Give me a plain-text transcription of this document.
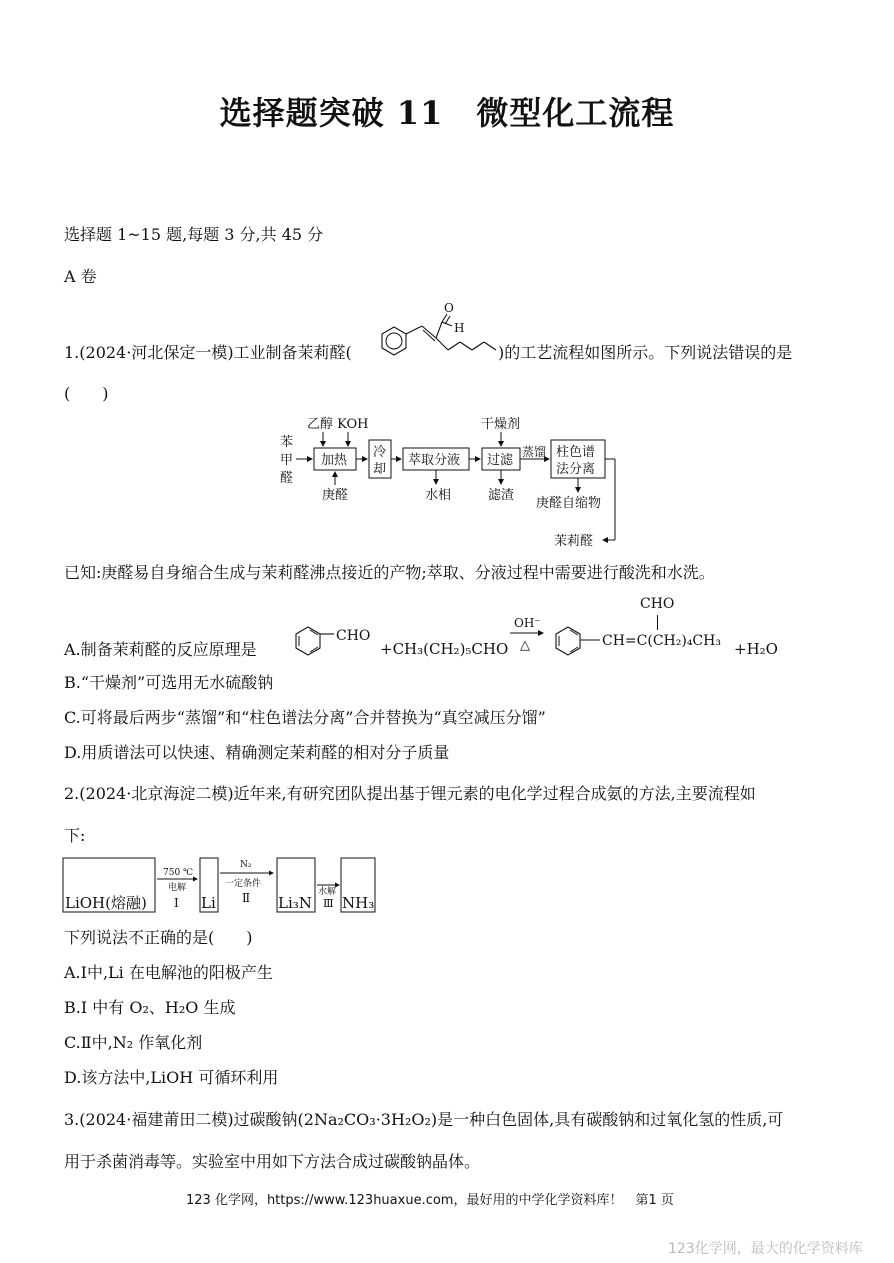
选择题突破 11　微型化工流程
选择题 1~15 题,每题 3 分,共 45 分
A 卷
1.(2024·河北保定一模)工业制备茉莉醛(
O
H
)的工艺流程如图所示。下列说法错误的是
(　　)
苯
甲
醛
乙醇 KOH
加热
庚醛
冷
却
萃取分液
水相
干燥剂
过滤
滤渣
蒸馏 柱色谱
法分离
庚醛自缩物
茉莉醛
已知:庚醛易自身缩合生成与茉莉醛沸点接近的产物;萃取、分液过程中需要进行酸洗和水洗。
A.制备茉莉醛的反应原理是
CHO
+CH₃(CH₂)₅CHO
OH⁻
△	CH=C(CH₂)₄CH₃ +H₂O
CHO
B.“干燥剂”可选用无水硫酸钠
C.可将最后两步“蒸馏”和“柱色谱法分离”合并替换为“真空减压分馏”
D.用质谱法可以快速、精确测定茉莉醛的相对分子质量
2.(2024·北京海淀二模)近年来,有研究团队提出基于锂元素的电化学过程合成氨的方法,主要流程如
下:
LiOH(熔融)
750 ℃
电解
Ⅰ Li
N₂
一定条件
Ⅱ Li₃N
水解
Ⅲ NH₃
下列说法不正确的是(　　)
A.Ⅰ中,Li 在电解池的阳极产生
B.Ⅰ 中有 O₂、H₂O 生成
C.Ⅱ中,N₂ 作氧化剂
D.该方法中,LiOH 可循环利用
3.(2024·福建莆田二模)过碳酸钠(2Na₂CO₃·3H₂O₂)是一种白色固体,具有碳酸钠和过氧化氢的性质,可
用于杀菌消毒等。实验室中用如下方法合成过碳酸钠晶体。
123 化学网，https://www.123huaxue.com，最好用的中学化学资料库！　第1 页
123化学网，最大的化学资料库
